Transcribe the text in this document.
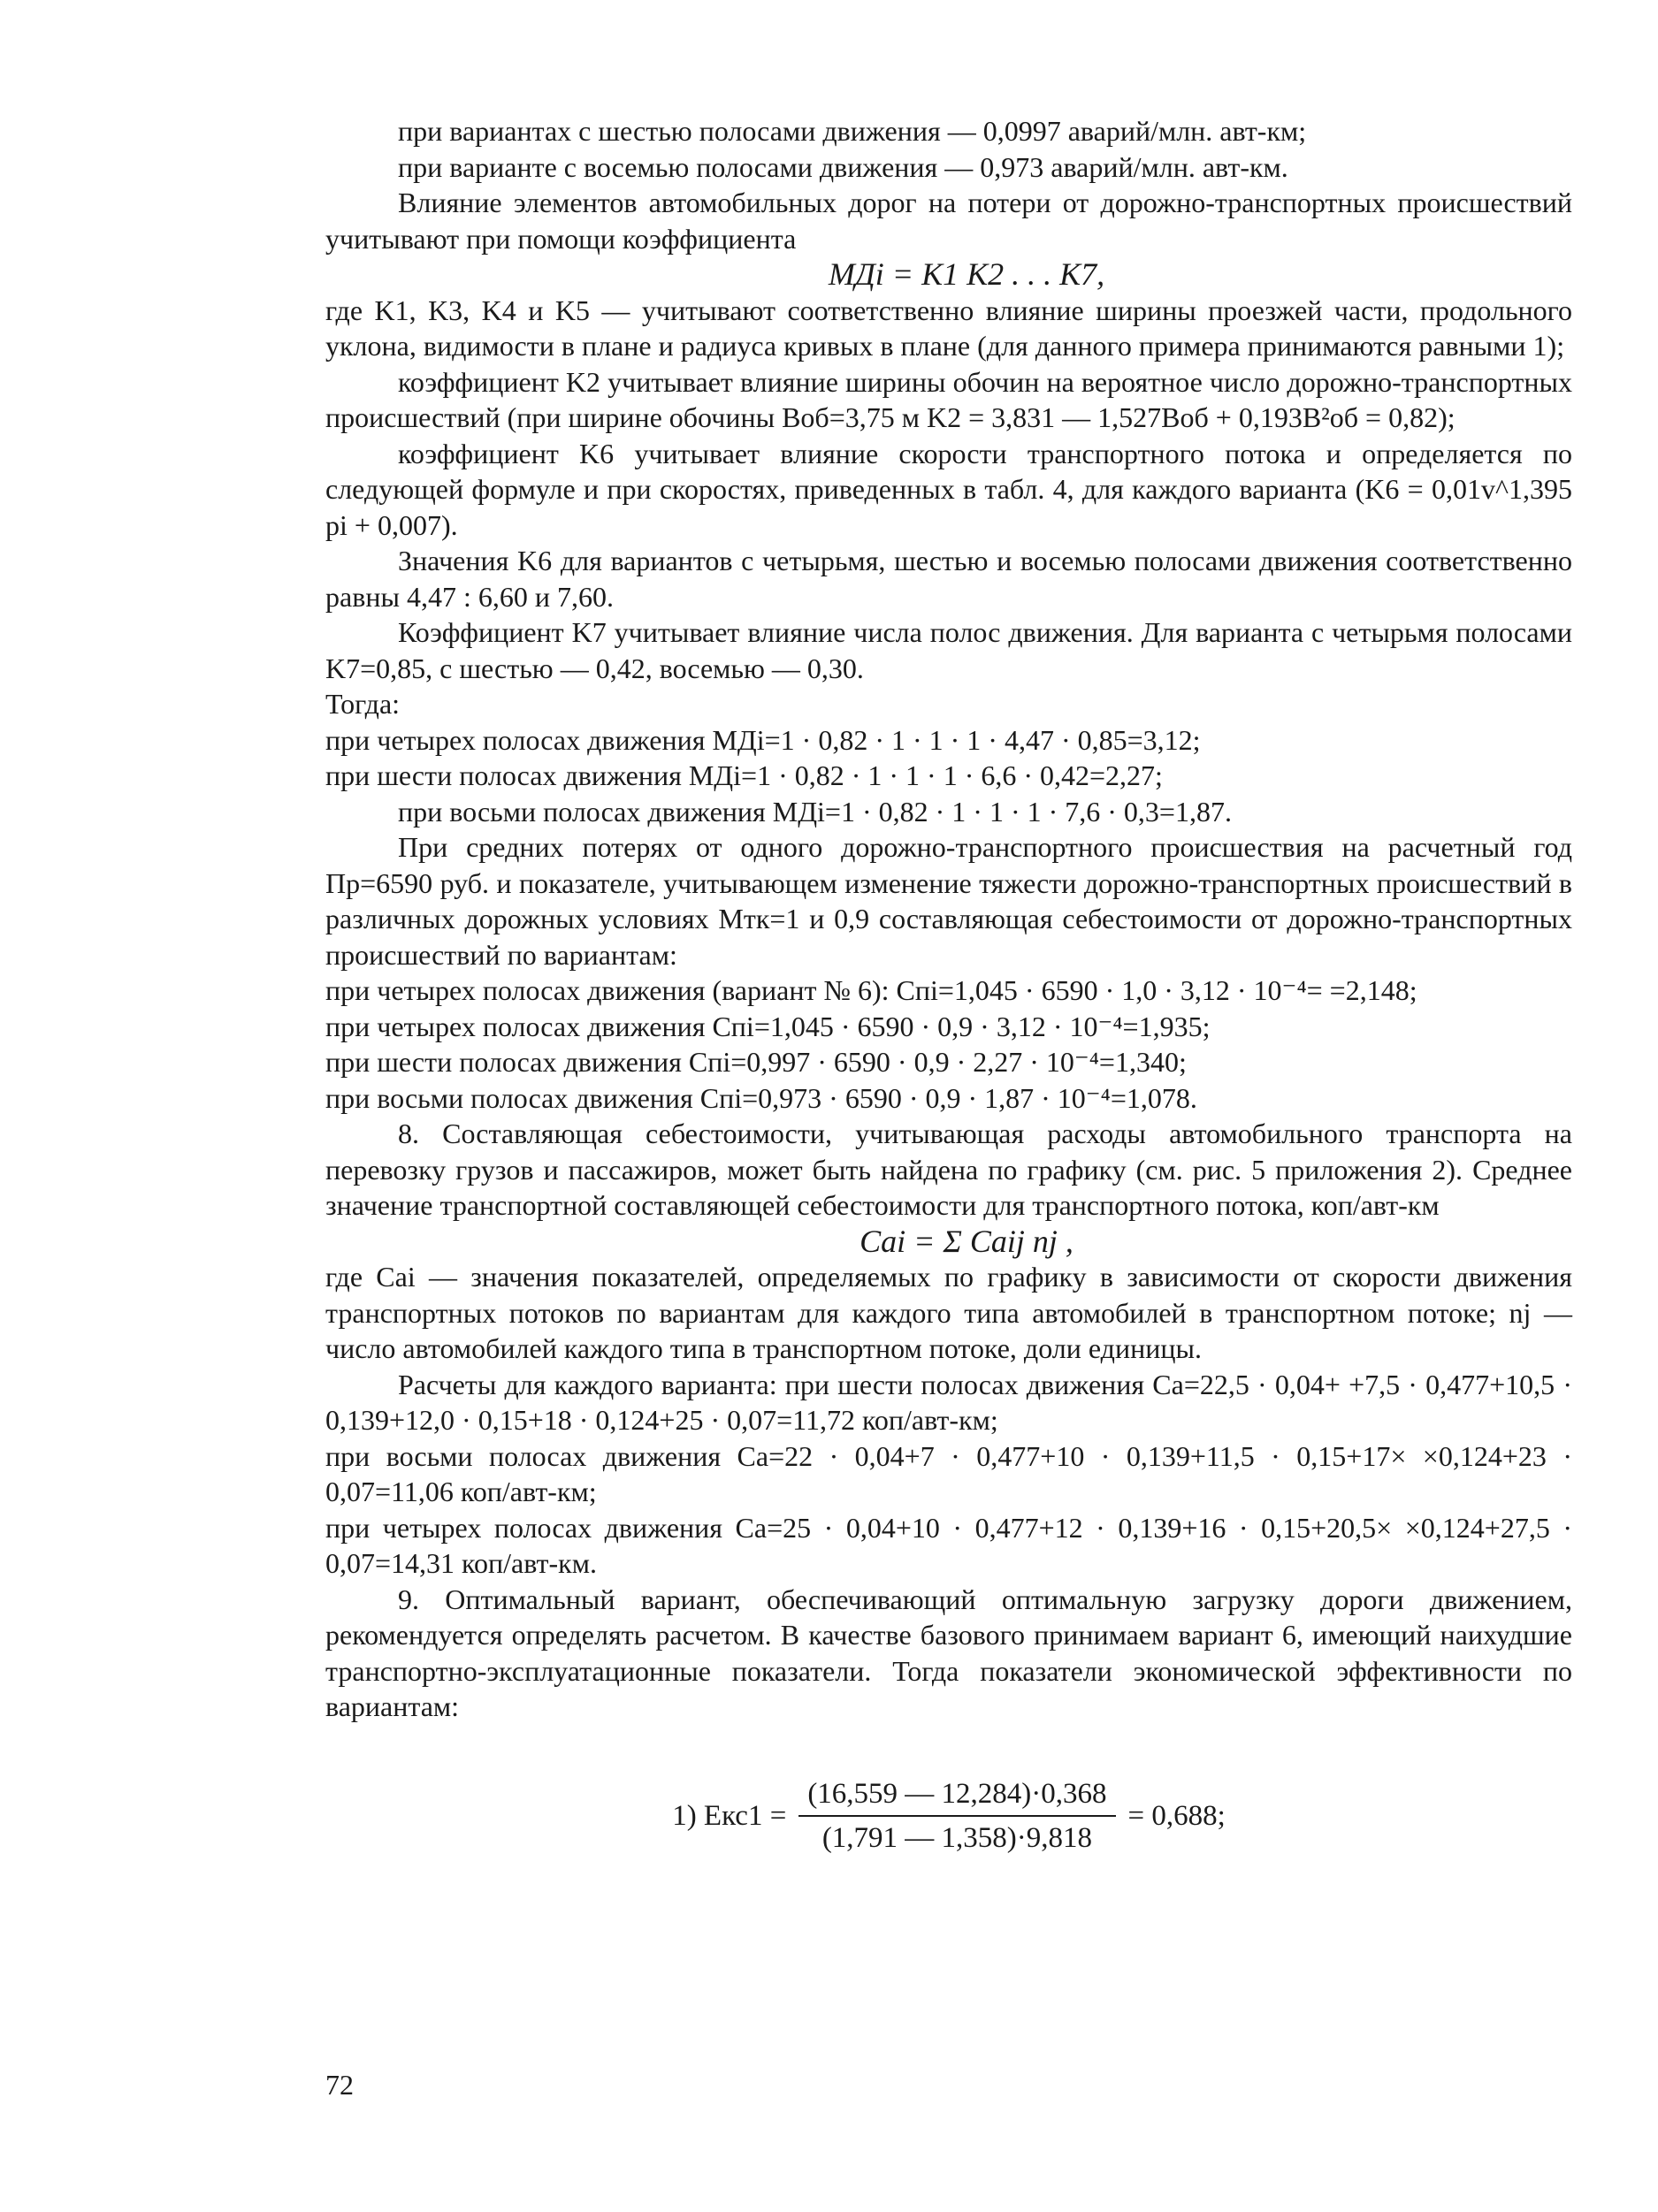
при вариантах с шестью полосами движения — 0,0997 аварий/млн. авт-км;

при варианте с восемью полосами движения — 0,973 аварий/млн. авт-км.

Влияние элементов автомобильных дорог на потери от дорожно-транспортных происшествий учитывают при помощи коэффициента

MДi = K1 K2 . . . K7,

где K1, K3, K4 и K5 — учитывают соответственно влияние ширины проезжей части, продольного уклона, видимости в плане и радиуса кривых в плане (для данного примера принимаются равными 1);

коэффициент K2 учитывает влияние ширины обочин на вероятное число дорожно-транспортных происшествий (при ширине обочины Bоб=3,75 м K2 = 3,831 — 1,527Bоб + 0,193B²об = 0,82);

коэффициент K6 учитывает влияние скорости транспортного потока и определяется по следующей формуле и при скоростях, приведенных в табл. 4, для каждого варианта (K6 = 0,01v^1,395 pi + 0,007).

Значения K6 для вариантов с четырьмя, шестью и восемью полосами движения соответственно равны 4,47 : 6,60 и 7,60.

Коэффициент K7 учитывает влияние числа полос движения. Для варианта с четырьмя полосами K7=0,85, с шестью — 0,42, восемью — 0,30.

Тогда:

при четырех полосах движения MДi=1 · 0,82 · 1 · 1 · 1 · 4,47 · 0,85=3,12;

при шести полосах движения MДi=1 · 0,82 · 1 · 1 · 1 · 6,6 · 0,42=2,27;

при восьми полосах движения MДi=1 · 0,82 · 1 · 1 · 1 · 7,6 · 0,3=1,87.

При средних потерях от одного дорожно-транспортного происшествия на расчетный год Пр=6590 руб. и показателе, учитывающем изменение тяжести дорожно-транспортных происшествий в различных дорожных условиях Mтк=1 и 0,9 составляющая себестоимости от дорожно-транспортных происшествий по вариантам:

при четырех полосах движения (вариант № 6): Cпi=1,045 · 6590 · 1,0 · 3,12 · 10⁻⁴= =2,148;

при четырех полосах движения Cпi=1,045 · 6590 · 0,9 · 3,12 · 10⁻⁴=1,935;

при шести полосах движения Cпi=0,997 · 6590 · 0,9 · 2,27 · 10⁻⁴=1,340;

при восьми полосах движения Cпi=0,973 · 6590 · 0,9 · 1,87 · 10⁻⁴=1,078.

8. Составляющая себестоимости, учитывающая расходы автомобильного транспорта на перевозку грузов и пассажиров, может быть найдена по графику (см. рис. 5 приложения 2). Среднее значение транспортной составляющей себестоимости для транспортного потока, коп/авт-км

Caі = Σ Caij nj ,

где Cai — значения показателей, определяемых по графику в зависимости от скорости движения транспортных потоков по вариантам для каждого типа автомобилей в транспортном потоке; nj — число автомобилей каждого типа в транспортном потоке, доли единицы.

Расчеты для каждого варианта: при шести полосах движения Ca=22,5 · 0,04+ +7,5 · 0,477+10,5 · 0,139+12,0 · 0,15+18 · 0,124+25 · 0,07=11,72 коп/авт-км;

при восьми полосах движения Ca=22 · 0,04+7 · 0,477+10 · 0,139+11,5 · 0,15+17× ×0,124+23 · 0,07=11,06 коп/авт-км;

при четырех полосах движения Ca=25 · 0,04+10 · 0,477+12 · 0,139+16 · 0,15+20,5× ×0,124+27,5 · 0,07=14,31 коп/авт-км.

9. Оптимальный вариант, обеспечивающий оптимальную загрузку дороги движением, рекомендуется определять расчетом. В качестве базового принимаем вариант 6, имеющий наихудшие транспортно-эксплуатационные показатели. Тогда показатели экономической эффективности по вариантам:

1) $Eкс1 = \frac{(16,559 — 12,284)\cdot 0,368}{(1,791 — 1,358)\cdot 9,818} = 0,688$;
72
